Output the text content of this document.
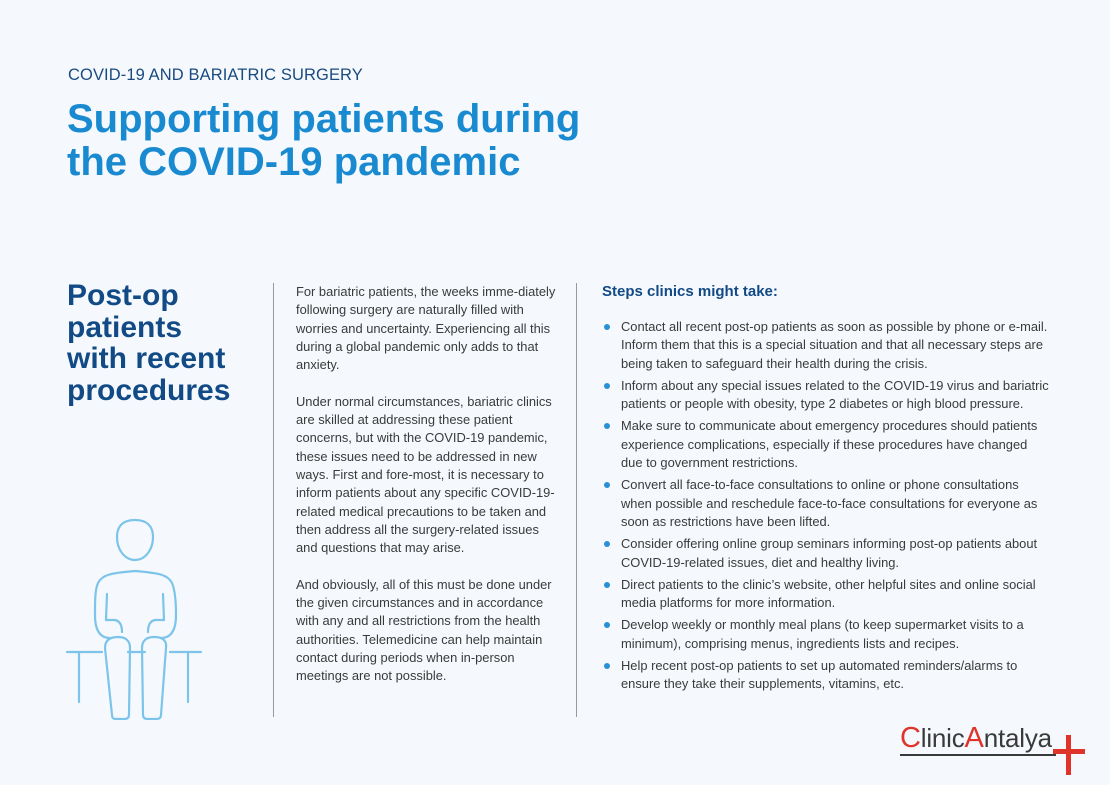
COVID-19 AND BARIATRIC SURGERY
Supporting patients during
the COVID-19 pandemic
Post-op
patients
with recent
procedures

For bariatric patients, the weeks imme-diately following surgery are naturally filled with worries and uncertainty. Experiencing all this during a global pandemic only adds to that anxiety.

Under normal circumstances, bariatric clinics are skilled at addressing these patient concerns, but with the COVID-19 pandemic, these issues need to be addressed in new ways. First and fore-most, it is necessary to inform patients about any specific COVID-19-related medical precautions to be taken and then address all the surgery-related issues and questions that may arise.

And obviously, all of this must be done under the given circumstances and in accordance with any and all restrictions from the health authorities. Telemedicine can help maintain contact during periods when in-person meetings are not possible.

Steps clinics might take:
Contact all recent post-op patients as soon as possible by phone or e-mail. Inform them that this is a special situation and that all necessary steps are being taken to safeguard their health during the crisis.
Inform about any special issues related to the COVID-19 virus and bariatric patients or people with obesity, type 2 diabetes or high blood pressure.
Make sure to communicate about emergency procedures should patients experience complications, especially if these procedures have changed due to government restrictions.
Convert all face-to-face consultations to online or phone consultations when possible and reschedule face-to-face consultations for everyone as soon as restrictions have been lifted.
Consider offering online group seminars informing post-op patients about COVID-19-related issues, diet and healthy living.
Direct patients to the clinic’s website, other helpful sites and online social media platforms for more information.
Develop weekly or monthly meal plans (to keep supermarket visits to a minimum), comprising menus, ingredients lists and recipes.
Help recent post-op patients to set up automated reminders/alarms to ensure they take their supplements, vitamins, etc.
ClinicAntalya
